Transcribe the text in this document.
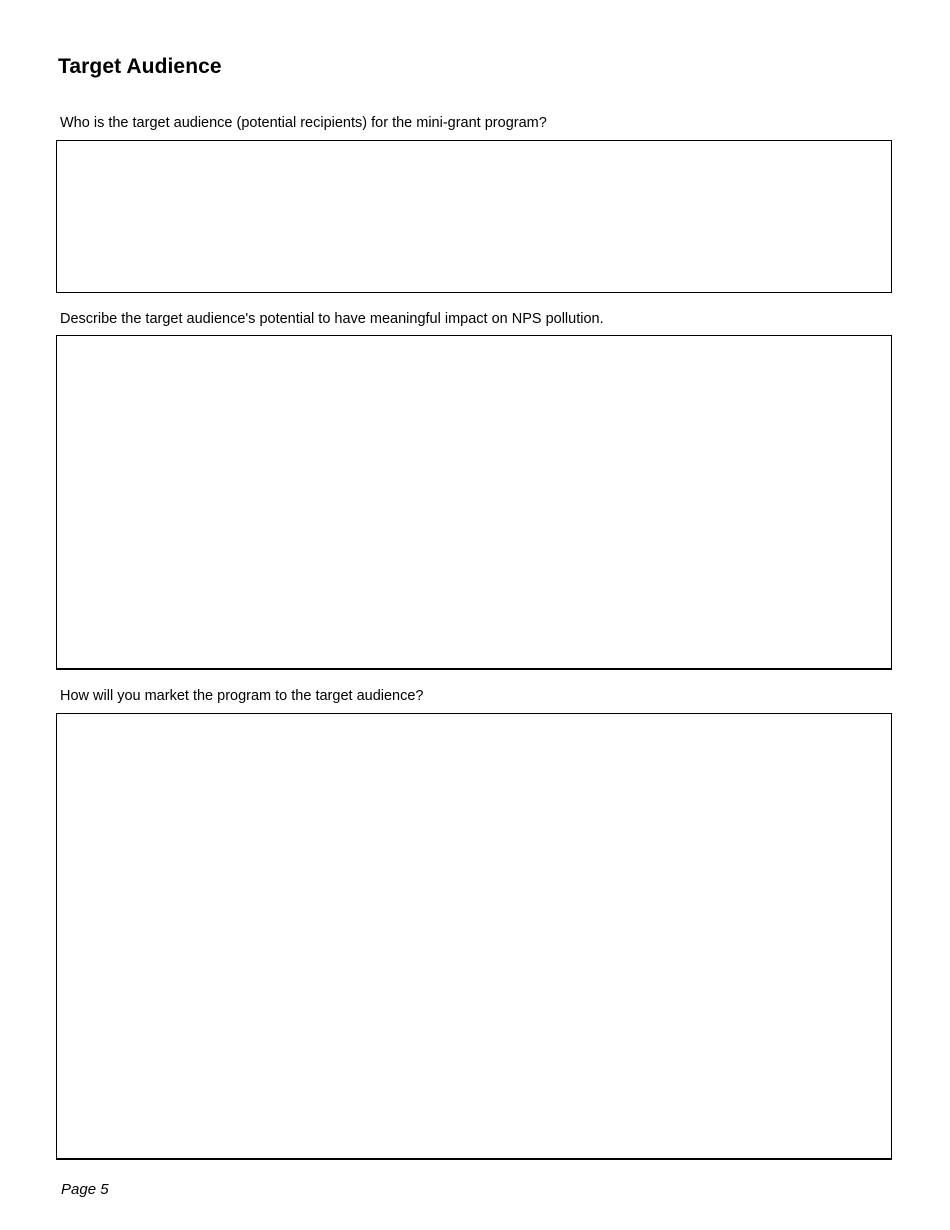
Target Audience
Who is the target audience (potential recipients) for the mini-grant program?
Describe the target audience's potential to have meaningful impact on NPS pollution.
How will you market the program to the target audience?
Page 5
